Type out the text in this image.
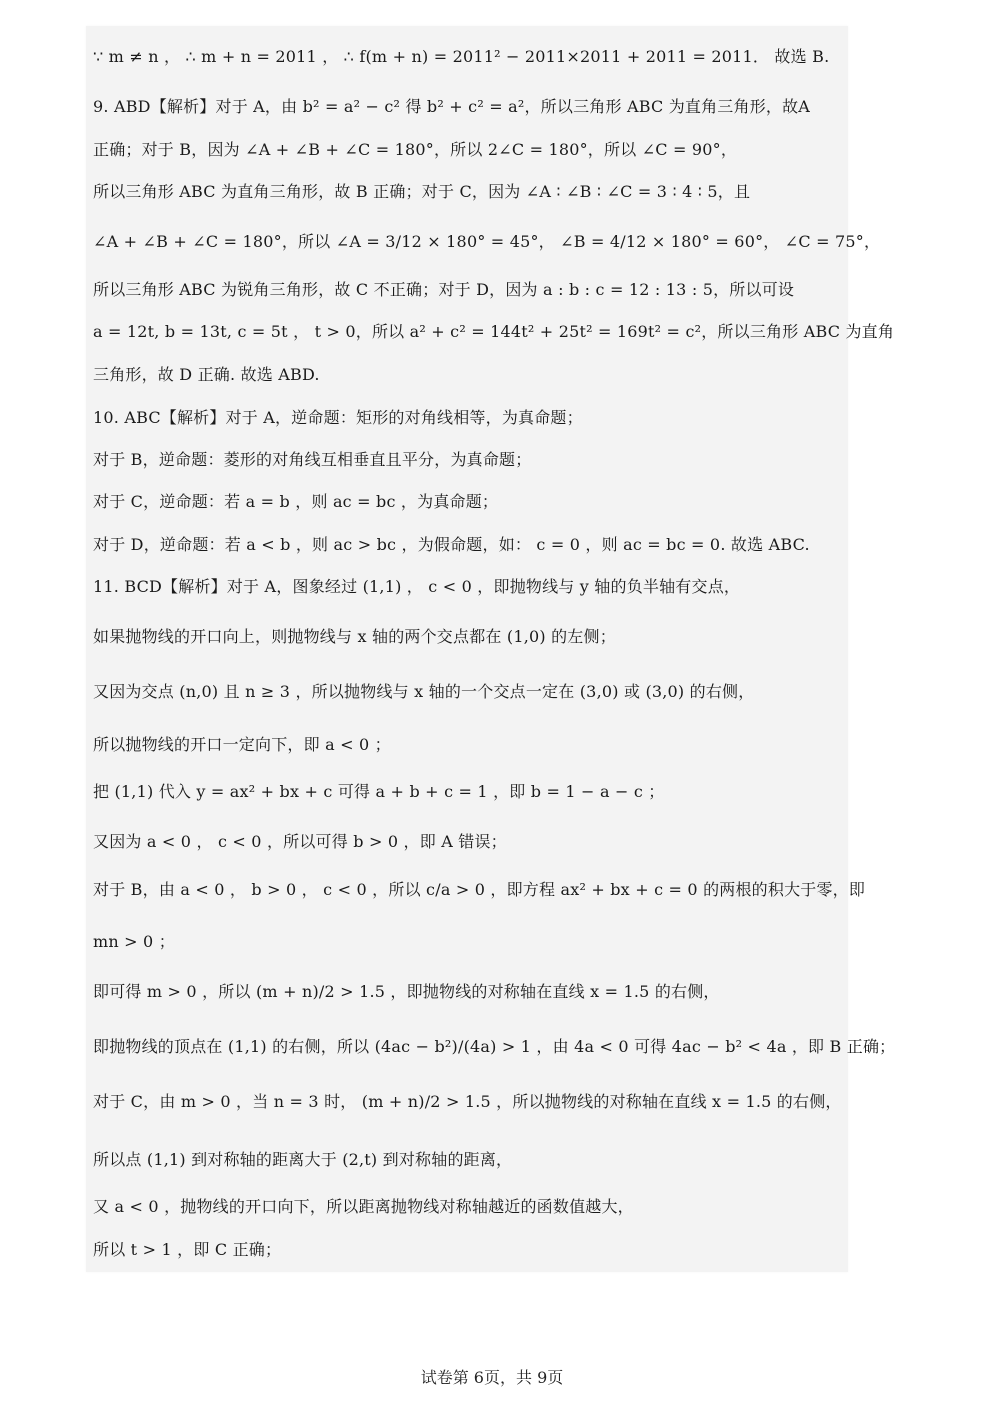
∵ m ≠ n ， ∴ m + n = 2011 ， ∴ f(m + n) = 2011² − 2011×2011 + 2011 = 2011． 故选 B.
9. ABD【解析】对于 A，由 b² = a² − c² 得 b² + c² = a²，所以三角形 ABC 为直角三角形，故A
正确；对于 B，因为 ∠A + ∠B + ∠C = 180°，所以 2∠C = 180°，所以 ∠C = 90°，
所以三角形 ABC 为直角三角形，故 B 正确；对于 C，因为 ∠A ∶ ∠B ∶ ∠C = 3 ∶ 4 ∶ 5，且
∠A + ∠B + ∠C = 180°，所以 ∠A = 3/12 × 180° = 45°， ∠B = 4/12 × 180° = 60°， ∠C = 75°，
所以三角形 ABC 为锐角三角形，故 C 不正确；对于 D，因为 a : b : c = 12 : 13 : 5，所以可设
a = 12t, b = 13t, c = 5t ， t > 0，所以 a² + c² = 144t² + 25t² = 169t² = c²，所以三角形 ABC 为直角
三角形，故 D 正确. 故选 ABD.
10. ABC【解析】对于 A，逆命题：矩形的对角线相等，为真命题；
对于 B，逆命题：菱形的对角线互相垂直且平分，为真命题；
对于 C，逆命题：若 a = b ，则 ac = bc ，为真命题；
对于 D，逆命题：若 a < b ，则 ac > bc ，为假命题，如： c = 0 ，则 ac = bc = 0. 故选 ABC.
11. BCD【解析】对于 A，图象经过 (1,1) ， c < 0 ，即抛物线与 y 轴的负半轴有交点，
如果抛物线的开口向上，则抛物线与 x 轴的两个交点都在 (1,0) 的左侧；
又因为交点 (n,0) 且 n ≥ 3 ，所以抛物线与 x 轴的一个交点一定在 (3,0) 或 (3,0) 的右侧，
所以抛物线的开口一定向下，即 a < 0 ；
把 (1,1) 代入 y = ax² + bx + c 可得 a + b + c = 1 ，即 b = 1 − a − c ；
又因为 a < 0 ， c < 0 ，所以可得 b > 0 ，即 A 错误；
对于 B，由 a < 0 ， b > 0 ， c < 0 ，所以 c/a > 0 ，即方程 ax² + bx + c = 0 的两根的积大于零，即
mn > 0 ；
即可得 m > 0 ，所以 (m + n)/2 > 1.5 ，即抛物线的对称轴在直线 x = 1.5 的右侧，
即抛物线的顶点在 (1,1) 的右侧，所以 (4ac − b²)/(4a) > 1 ，由 4a < 0 可得 4ac − b² < 4a ，即 B 正确；
对于 C，由 m > 0 ，当 n = 3 时， (m + n)/2 > 1.5 ，所以抛物线的对称轴在直线 x = 1.5 的右侧，
所以点 (1,1) 到对称轴的距离大于 (2,t) 到对称轴的距离，
又 a < 0 ，抛物线的开口向下，所以距离抛物线对称轴越近的函数值越大，
所以 t > 1 ，即 C 正确；
试卷第 6页，共 9页
